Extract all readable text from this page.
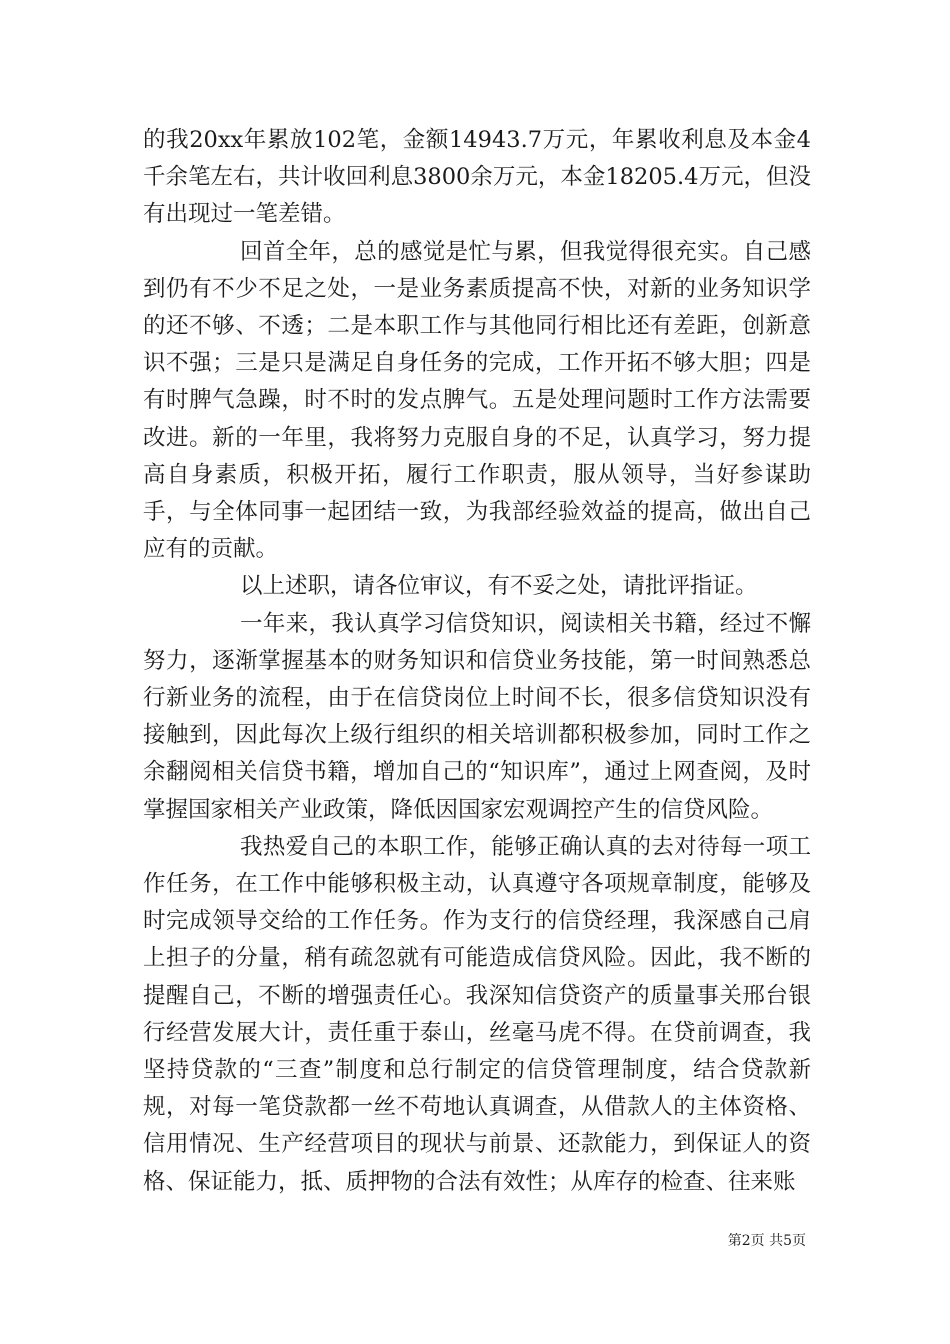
的我20xx年累放102笔，金额14943.7万元，年累收利息及本金4千余笔左右，共计收回利息3800余万元，本金18205.4万元，但没有出现过一笔差错。

回首全年，总的感觉是忙与累，但我觉得很充实。自己感到仍有不少不足之处，一是业务素质提高不快，对新的业务知识学的还不够、不透；二是本职工作与其他同行相比还有差距，创新意识不强；三是只是满足自身任务的完成，工作开拓不够大胆；四是有时脾气急躁，时不时的发点脾气。五是处理问题时工作方法需要改进。新的一年里，我将努力克服自身的不足，认真学习，努力提高自身素质，积极开拓，履行工作职责，服从领导，当好参谋助手，与全体同事一起团结一致，为我部经验效益的提高，做出自己应有的贡献。

以上述职，请各位审议，有不妥之处，请批评指证。

一年来，我认真学习信贷知识，阅读相关书籍，经过不懈努力，逐渐掌握基本的财务知识和信贷业务技能，第一时间熟悉总行新业务的流程，由于在信贷岗位上时间不长，很多信贷知识没有接触到，因此每次上级行组织的相关培训都积极参加，同时工作之余翻阅相关信贷书籍，增加自己的“知识库”，通过上网查阅，及时掌握国家相关产业政策，降低因国家宏观调控产生的信贷风险。

我热爱自己的本职工作，能够正确认真的去对待每一项工作任务，在工作中能够积极主动，认真遵守各项规章制度，能够及时完成领导交给的工作任务。作为支行的信贷经理，我深感自己肩上担子的分量，稍有疏忽就有可能造成信贷风险。因此，我不断的提醒自己，不断的增强责任心。我深知信贷资产的质量事关邢台银行经营发展大计，责任重于泰山，丝毫马虎不得。在贷前调查，我坚持贷款的“三查”制度和总行制定的信贷管理制度，结合贷款新规，对每一笔贷款都一丝不苟地认真调查，从借款人的主体资格、信用情况、生产经营项目的现状与前景、还款能力，到保证人的资格、保证能力，抵、质押物的合法有效性；从库存的检查、往来账

第2页 共5页
